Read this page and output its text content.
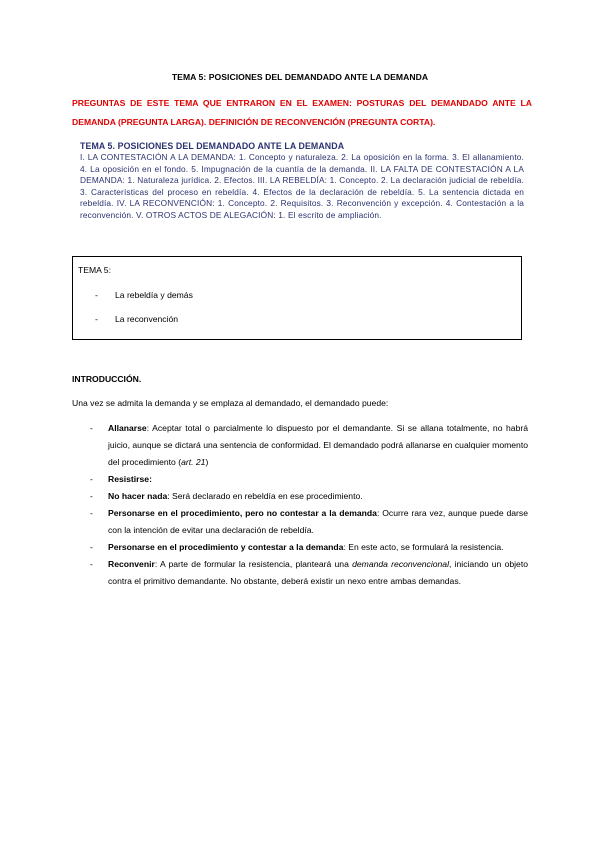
TEMA 5: POSICIONES DEL DEMANDADO ANTE LA DEMANDA
PREGUNTAS DE ESTE TEMA QUE ENTRARON EN EL EXAMEN: POSTURAS DEL DEMANDADO ANTE LA DEMANDA (PREGUNTA LARGA). DEFINICIÓN DE RECONVENCIÓN (PREGUNTA CORTA).
TEMA 5. POSICIONES DEL DEMANDADO ANTE LA DEMANDA
I. LA CONTESTACIÓN A LA DEMANDA: 1. Concepto y naturaleza. 2. La oposición en la forma. 3. El allanamiento. 4. La oposición en el fondo. 5. Impugnación de la cuantía de la demanda. II. LA FALTA DE CONTESTACIÓN A LA DEMANDA: 1. Naturaleza jurídica. 2. Efectos. III. LA REBELDÍA: 1. Concepto. 2. La declaración judicial de rebeldía. 3. Características del proceso en rebeldía. 4. Efectos de la declaración de rebeldía. 5. La sentencia dictada en rebeldía. IV. LA RECONVENCIÓN: 1. Concepto. 2. Requisitos. 3. Reconvención y excepción. 4. Contestación a la reconvención. V. OTROS ACTOS DE ALEGACIÓN: 1. El escrito de ampliación.
TEMA 5:
- La rebeldía y demás
- La reconvención
INTRODUCCIÓN.
Una vez se admita la demanda y se emplaza al demandado, el demandado puede:
- Allanarse: Aceptar total o parcialmente lo dispuesto por el demandante. Si se allana totalmente, no habrá juicio, aunque se dictará una sentencia de conformidad. El demandado podrá allanarse en cualquier momento del procedimiento (art. 21)
- Resistirse:
- No hacer nada: Será declarado en rebeldía en ese procedimiento.
- Personarse en el procedimiento, pero no contestar a la demanda: Ocurre rara vez, aunque puede darse con la intención de evitar una declaración de rebeldía.
- Personarse en el procedimiento y contestar a la demanda: En este acto, se formulará la resistencia.
- Reconvenir: A parte de formular la resistencia, planteará una demanda reconvencional, iniciando un objeto contra el primitivo demandante. No obstante, deberá existir un nexo entre ambas demandas.
